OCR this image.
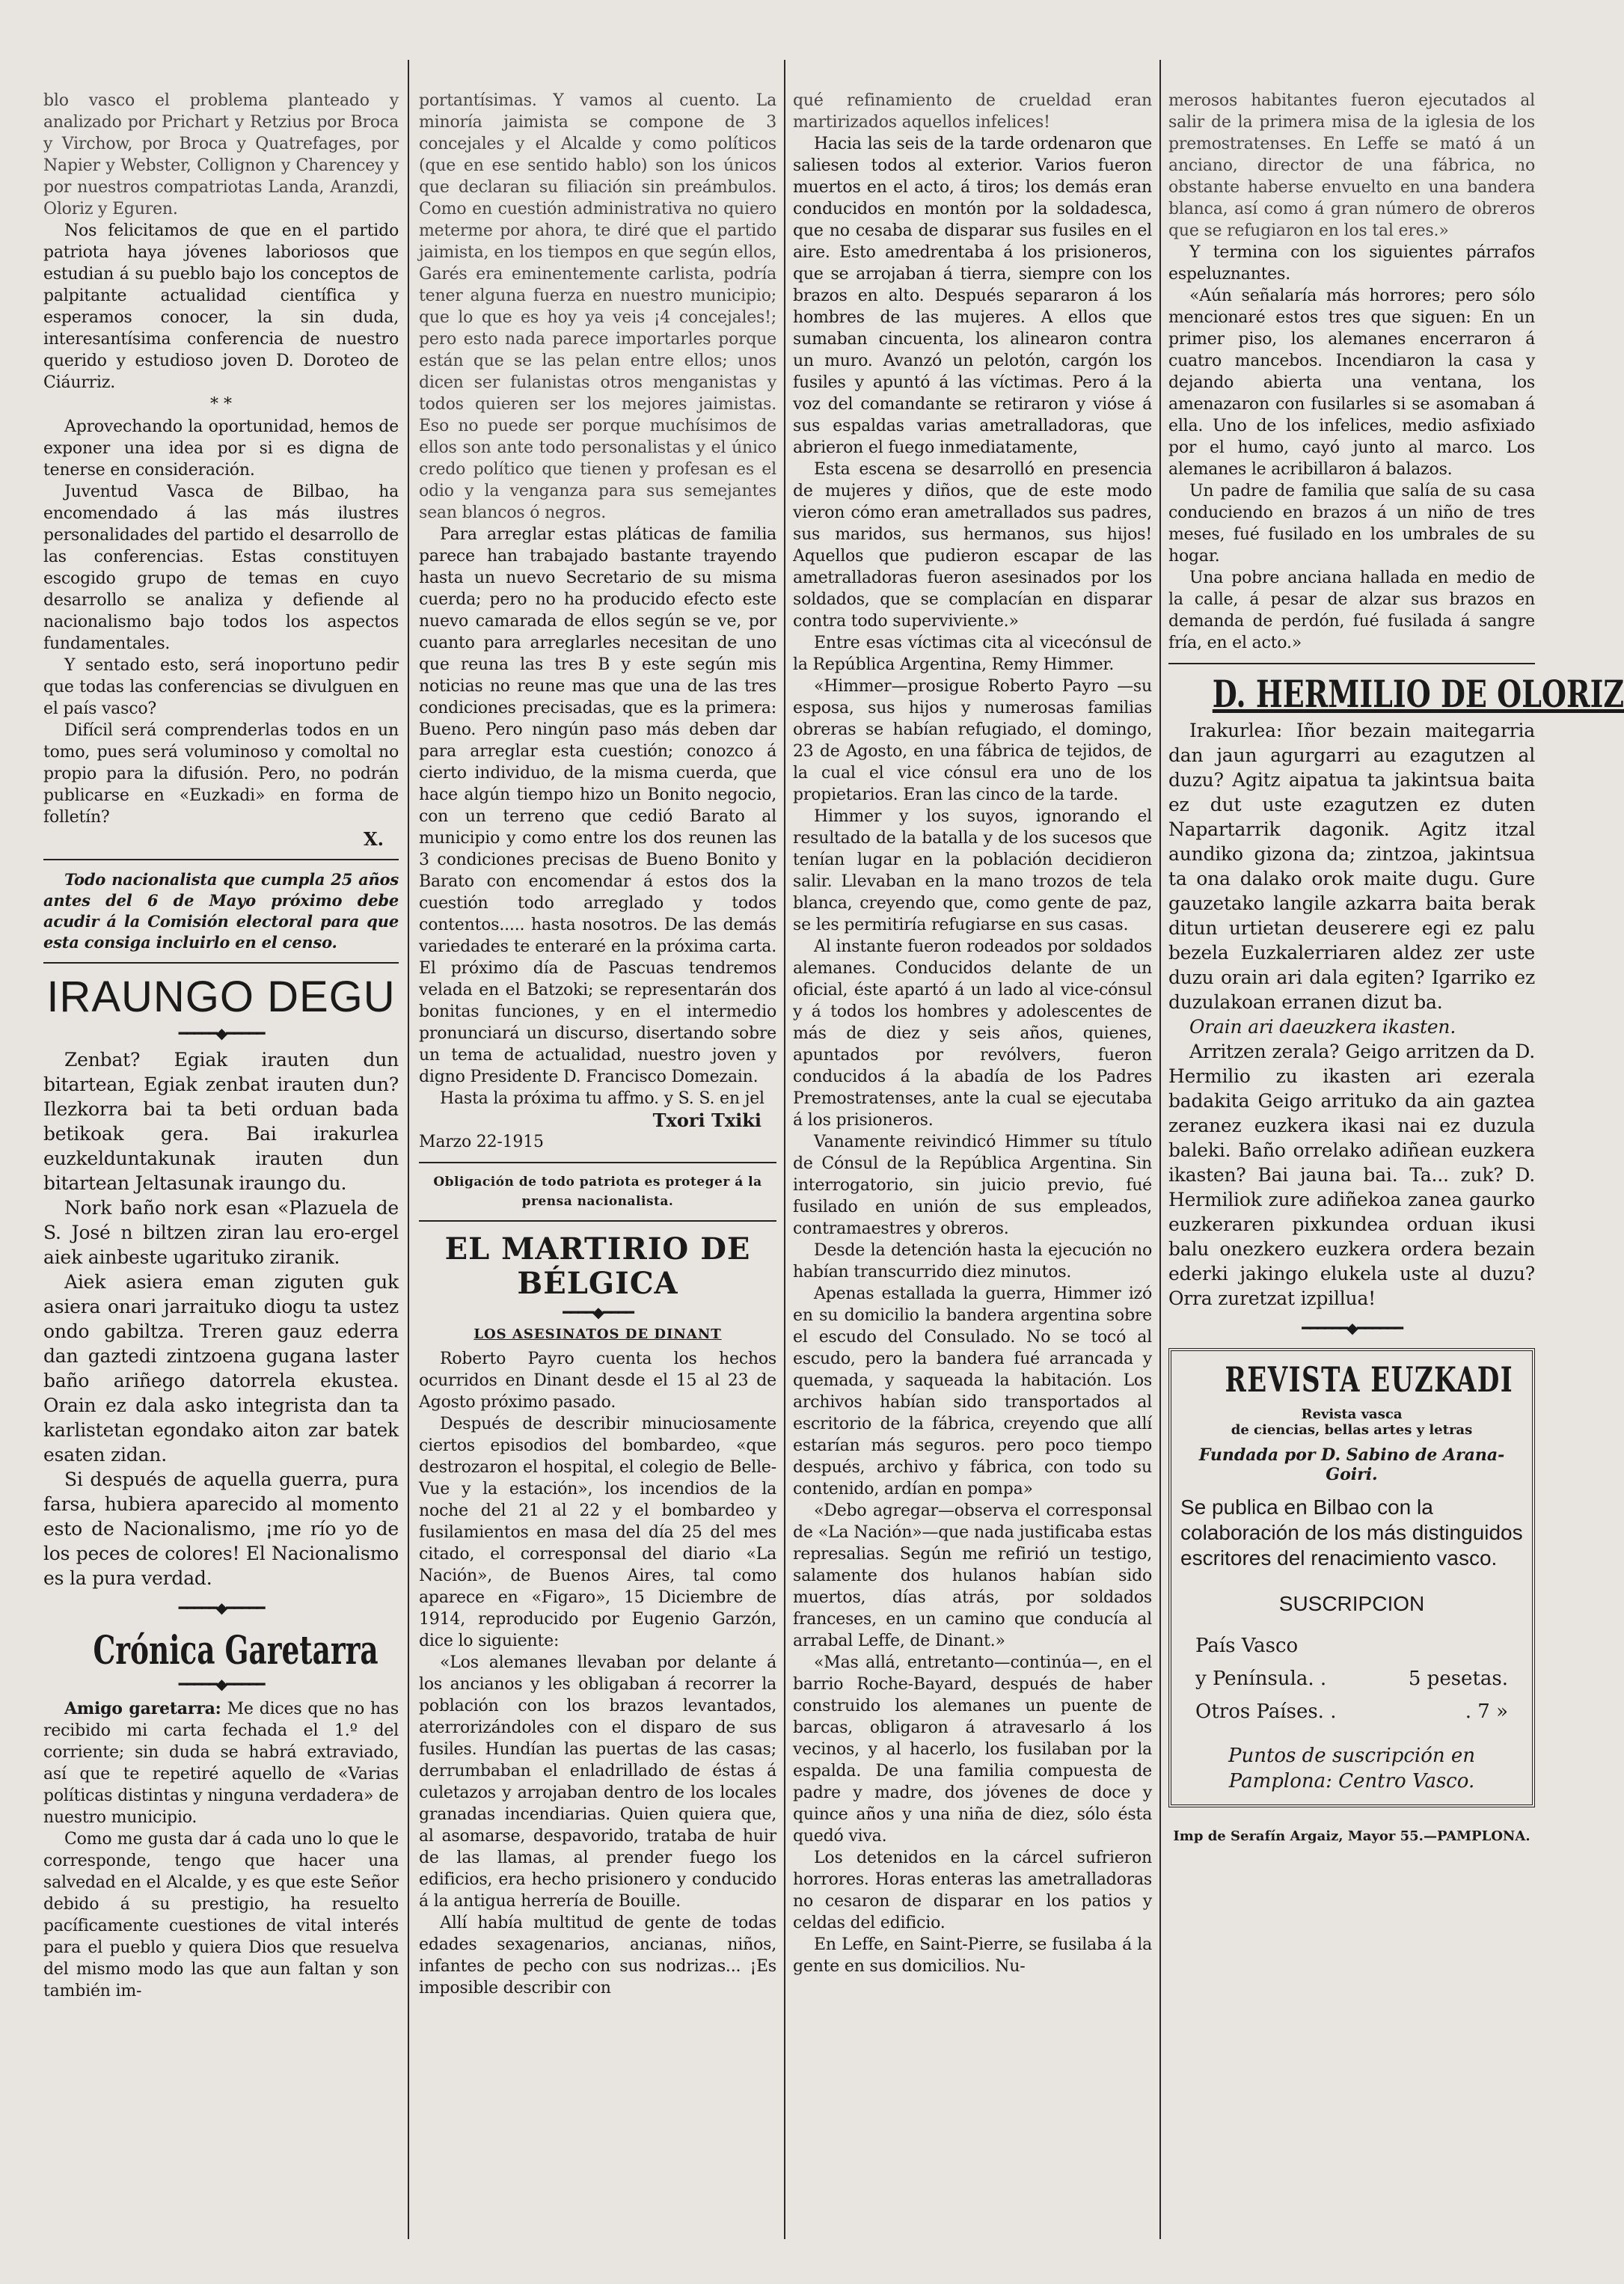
blo vasco el problema planteado y analizado por Prichart y Retzius por Broca y Virchow, por Broca y Quatrefages, por Napier y Webster, Collignon y Charencey y por nuestros compatriotas Landa, Aranzdi, Oloriz y Eguren.

Nos felicitamos de que en el partido patriota haya jóvenes laboriosos que estudian á su pueblo bajo los conceptos de palpitante actualidad científica y esperamos conocer, la sin duda, interesantísima conferencia de nuestro querido y estudioso joven D. Doroteo de Ciáurriz.

* *

Aprovechando la oportunidad, hemos de exponer una idea por si es digna de tenerse en consideración.

Juventud Vasca de Bilbao, ha encomendado á las más ilustres personalidades del partido el desarrollo de las conferencias. Estas constituyen escogido grupo de temas en cuyo desarrollo se analiza y defiende al nacionalismo bajo todos los aspectos fundamentales.

Y sentado esto, será inoportuno pedir que todas las conferencias se divulguen en el país vasco?

Difícil será comprenderlas todos en un tomo, pues será voluminoso y comoltal no propio para la difusión. Pero, no podrán publicarse en «Euzkadi» en forma de folletín?

X.

Todo nacionalista que cumpla 25 años antes del 6 de Mayo próximo debe acudir á la Comisión electoral para que esta consiga incluirlo en el censo.

IRAUNGO DEGU
━━━━━◆━━━━━

Zenbat? Egiak irauten dun bitartean, Egiak zenbat irauten dun? Ilezkorra bai ta beti orduan bada betikoak gera. Bai irakurlea euzkelduntakunak irauten dun bitartean Jeltasunak iraungo du.

Nork baño nork esan «Plazuela de S. José n biltzen ziran lau ero-ergel aiek ainbeste ugarituko ziranik.

Aiek asiera eman ziguten guk asiera onari jarraituko diogu ta ustez ondo gabiltza. Treren gauz ederra dan gaztedi zintzoena guganа laster baño ariñego datorrela ekustea. Orain ez dala asko integrista dan ta karlistetan egondako aiton zar batek esaten zidan.

Si después de aquella guerra, pura farsa, hubiera aparecido al momento esto de Nacionalismo, ¡me río yo de los peces de colores! El Nacionalismo es la pura verdad.

━━━━━◆━━━━━
Crónica Garetarra
━━━━━◆━━━━━

Amigo garetarra: Me dices que no has recibido mi carta fechada el 1.º del corriente; sin duda se habrá extraviado, así que te repetiré aquello de «Varias políticas distintas y ninguna verdadera» de nuestro municipio.

Como me gusta dar á cada uno lo que le corresponde, tengo que hacer una salvedad en el Alcalde, y es que este Señor debido á su prestigio, ha resuelto pacíficamente cuestiones de vital interés para el pueblo y quiera Dios que resuelva del mismo modo las que aun faltan y son también im-

portantísimas. Y vamos al cuento. La minoría jaimista se compone de 3 concejales y el Alcalde y como políticos (que en ese sentido hablo) son los únicos que declaran su filiación sin preámbulos. Como en cuestión administrativa no quiero meterme por ahora, te diré que el partido jaimista, en los tiempos en que según ellos, Garés era eminentemente carlista, podría tener alguna fuerza en nuestro municipio; que lo que es hoy ya veis ¡4 concejales!; pero esto nada parece importarles porque están que se las pelan entre ellos; unos dicen ser fulanistas otros menganistas y todos quieren ser los mejores jaimistas. Eso no puede ser porque muchísimos de ellos son ante todo personalistas y el único credo político que tienen y profesan es el odio y la venganza para sus semejantes sean blancos ó negros.

Para arreglar estas pláticas de familia parece han trabajado bastante trayendo hasta un nuevo Secretario de su misma cuerda; pero no ha producido efecto este nuevo camarada de ellos según se ve, por cuanto para arreglarles necesitan de uno que reuna las tres B y este según mis noticias no reune mas que una de las tres condiciones precisadas, que es la primera: Bueno. Pero ningún paso más deben dar para arreglar esta cuestión; conozco á cierto individuo, de la misma cuerda, que hace algún tiempo hizo un Bonito negocio, con un terreno que cedió Barato al municipio y como entre los dos reunen las 3 condiciones precisas de Bueno Bonito y Barato con encomendar á estos dos la cuestión todo arreglado y todos contentos..... hasta nosotros. De las demás variedades te enteraré en la próxima carta. El próximo día de Pascuas tendremos velada en el Batzoki; se representarán dos bonitas funciones, y en el intermedio pronunciará un discurso, disertando sobre un tema de actualidad, nuestro joven y digno Presidente D. Francisco Domezain.

Hasta la próxima tu affmo. y S. S. en jel

Txori Txiki

Marzo 22-1915

Obligación de todo patriota es proteger á la prensa nacionalista.
EL MARTIRIO DE BÉLGICA
━━━━◆━━━━
LOS ASESINATOS DE DINANT

Roberto Payro cuenta los hechos ocurridos en Dinant desde el 15 al 23 de Agosto próximo pasado.

Después de describir minuciosamente ciertos episodios del bombardeo, «que destrozaron el hospital, el colegio de Belle-Vue y la estación», los incendios de la noche del 21 al 22 y el bombardeo y fusilamientos en masa del día 25 del mes citado, el corresponsal del diario «La Nación», de Buenos Aires, tal como aparece en «Figaro», 15 Diciembre de 1914, reproducido por Eugenio Garzón, dice lo siguiente:

«Los alemanes llevaban por delante á los ancianos y les obligaban á recorrer la población con los brazos levantados, aterrorizándoles con el disparo de sus fusiles. Hundían las puertas de las casas; derrumbaban el enladrillado de éstas á culetazos y arrojaban dentro de los locales granadas incendiarias. Quien quiera que, al asomarse, despavorido, trataba de huir de las llamas, al prender fuego los edificios, era hecho prisionero y conducido á la antigua herrería de Bouille.

Allí había multitud de gente de todas edades sexagenarios, ancianas, niños, infantes de pecho con sus nodrizas... ¡Es imposible describir con

qué refinamiento de crueldad eran martirizados aquellos infelices!

Hacia las seis de la tarde ordenaron que saliesen todos al exterior. Varios fueron muertos en el acto, á tiros; los demás eran conducidos en montón por la soldadesca, que no cesaba de disparar sus fusiles en el aire. Esto amedrentaba á los prisioneros, que se arrojaban á tierra, siempre con los brazos en alto. Después separaron á los hombres de las mujeres. A ellos que sumaban cincuenta, los alinearon contra un muro. Avanzó un pelotón, cargón los fusiles y apuntó á las víctimas. Pero á la voz del comandante se retiraron y vióse á sus espaldas varias ametralladoras, que abrieron el fuego inmediatamente,

Esta escena se desarrolló en presencia de mujeres y diños, que de este modo vieron cómo eran ametrallados sus padres, sus maridos, sus hermanos, sus hijos! Aquellos que pudieron escapar de las ametralladoras fueron asesinados por los soldados, que se complacían en disparar contra todo superviviente.»

Entre esas víctimas cita al vicecónsul de la República Argentina, Remy Himmer.

«Himmer—prosigue Roberto Payro —su esposa, sus hijos y numerosas familias obreras se habían refugiado, el domingo, 23 de Agosto, en una fábrica de tejidos, de la cual el vice cónsul era uno de los propietarios. Eran las cinco de la tarde.

Himmer y los suyos, ignorando el resultado de la batalla y de los sucesos que tenían lugar en la población decidieron salir. Llevaban en la mano trozos de tela blanca, creyendo que, como gente de paz, se les permitiría refugiarse en sus casas.

Al instante fueron rodeados por soldados alemanes. Conducidos delante de un oficial, éste apartó á un lado al vice-cónsul y á todos los hombres y adolescentes de más de diez y seis años, quienes, apuntados por revólvers, fueron conducidos á la abadía de los Padres Premostratenses, ante la cual se ejecutaba á los prisioneros.

Vanamente reivindicó Himmer su título de Cónsul de la República Argentina. Sin interrogatorio, sin juicio previo, fué fusilado en unión de sus empleados, contramaestres y obreros.

Desde la detención hasta la ejecución no habían transcurrido diez minutos.

Apenas estallada la guerra, Himmer izó en su domicilio la bandera argentina sobre el escudo del Consulado. No se tocó al escudo, pero la bandera fué arrancada y quemada, y saqueada la habitación. Los archivos habían sido transportados al escritorio de la fábrica, creyendo que allí estarían más seguros. pero poco tiempo después, archivo y fábrica, con todo su contenido, ardían en pompa»

«Debo agregar—observa el corresponsal de «La Nación»—que nada justificaba estas represalias. Según me refirió un testigo, salamente dos hulanos habían sido muertos, días atrás, por soldados franceses, en un camino que conducía al arrabal Leffe, de Dinant.»

«Mas allá, entretanto—continúa—, en el barrio Roche-Bayard, después de haber construido los alemanes un puente de barcas, obligaron á atravesarlo á los vecinos, y al hacerlo, los fusilaban por la espalda. De una familia compuesta de padre y madre, dos jóvenes de doce y quince años y una niña de diez, sólo ésta quedó viva.

Los detenidos en la cárcel sufrieron horrores. Horas enteras las ametralladoras no cesaron de disparar en los patios y celdas del edificio.

En Leffe, en Saint-Pierre, se fusilaba á la gente en sus domicilios. Nu-

merosos habitantes fueron ejecutados al salir de la primera misa de la iglesia de los premostratenses. En Leffe se mató á un anciano, director de una fábrica, no obstante haberse envuelto en una bandera blanca, así como á gran número de obreros que se refugiaron en los tal eres.»

Y termina con los siguientes párrafos espeluznantes.

«Aún señalaría más horrores; pero sólo mencionaré estos tres que siguen: En un primer piso, los alemanes encerraron á cuatro mancebos. Incendiaron la casa y dejando abierta una ventana, los amenazaron con fusilarles si se asomaban á ella. Uno de los infelices, medio asfixiado por el humo, cayó junto al marco. Los alemanes le acribillaron á balazos.

Un padre de familia que salía de su casa conduciendo en brazos á un niño de tres meses, fué fusilado en los umbrales de su hogar.

Una pobre anciana hallada en medio de la calle, á pesar de alzar sus brazos en demanda de perdón, fué fusilada á sangre fría, en el acto.»

D. HERMILIO DE OLORIZ

Irakurlea: Iñor bezain maitegarria dan jaun agurgarri au ezagutzen al duzu? Agitz aipatua ta jakintsua baita ez dut uste ezagutzen ez duten Napartarrik dagonik. Agitz itzal aundiko gizona da; zintzoa, jakintsua ta ona dalako orok maite dugu. Gure gauzetako langile azkarra baita berak ditun urtietan deuserere egi ez palu bezela Euzkalerriaren aldez zer uste duzu orain ari dala egiten? Igarriko ez duzulakoan erranen dizut ba.

Orain ari daeuzkera ikasten.

Arritzen zerala? Geigo arritzen da D. Hermilio zu ikasten ari ezerala badakita Geigo arrituko da ain gaztea zeranez euzkera ikasi nai ez duzula baleki. Baño orrelako adiñean euzkera ikasten? Bai jauna bai. Ta... zuk? D. Hermiliok zure adiñekoa zanea gaurko euzkeraren pixkundea orduan ikusi balu onezkero euzkera ordera bezain ederki jakingo elukela uste al duzu? Orra zuretzat izpillua!

━━━━━━◆━━━━━━
REVISTA EUZKADI
Revista vasca
de ciencias, bellas artes y letras
Fundada por D. Sabino de Arana-Goiri.
Se publica en Bilbao con la colaboración de los más distinguidos escritores del renacimiento vasco.
SUSCRIPCION
País Vasco
y Península. .	5 pesetas.
Otros Países. .	. 7 »
Puntos de suscripción en Pamplona: Centro Vasco.
Imp de Serafín Argaiz, Mayor 55.—PAMPLONA.
